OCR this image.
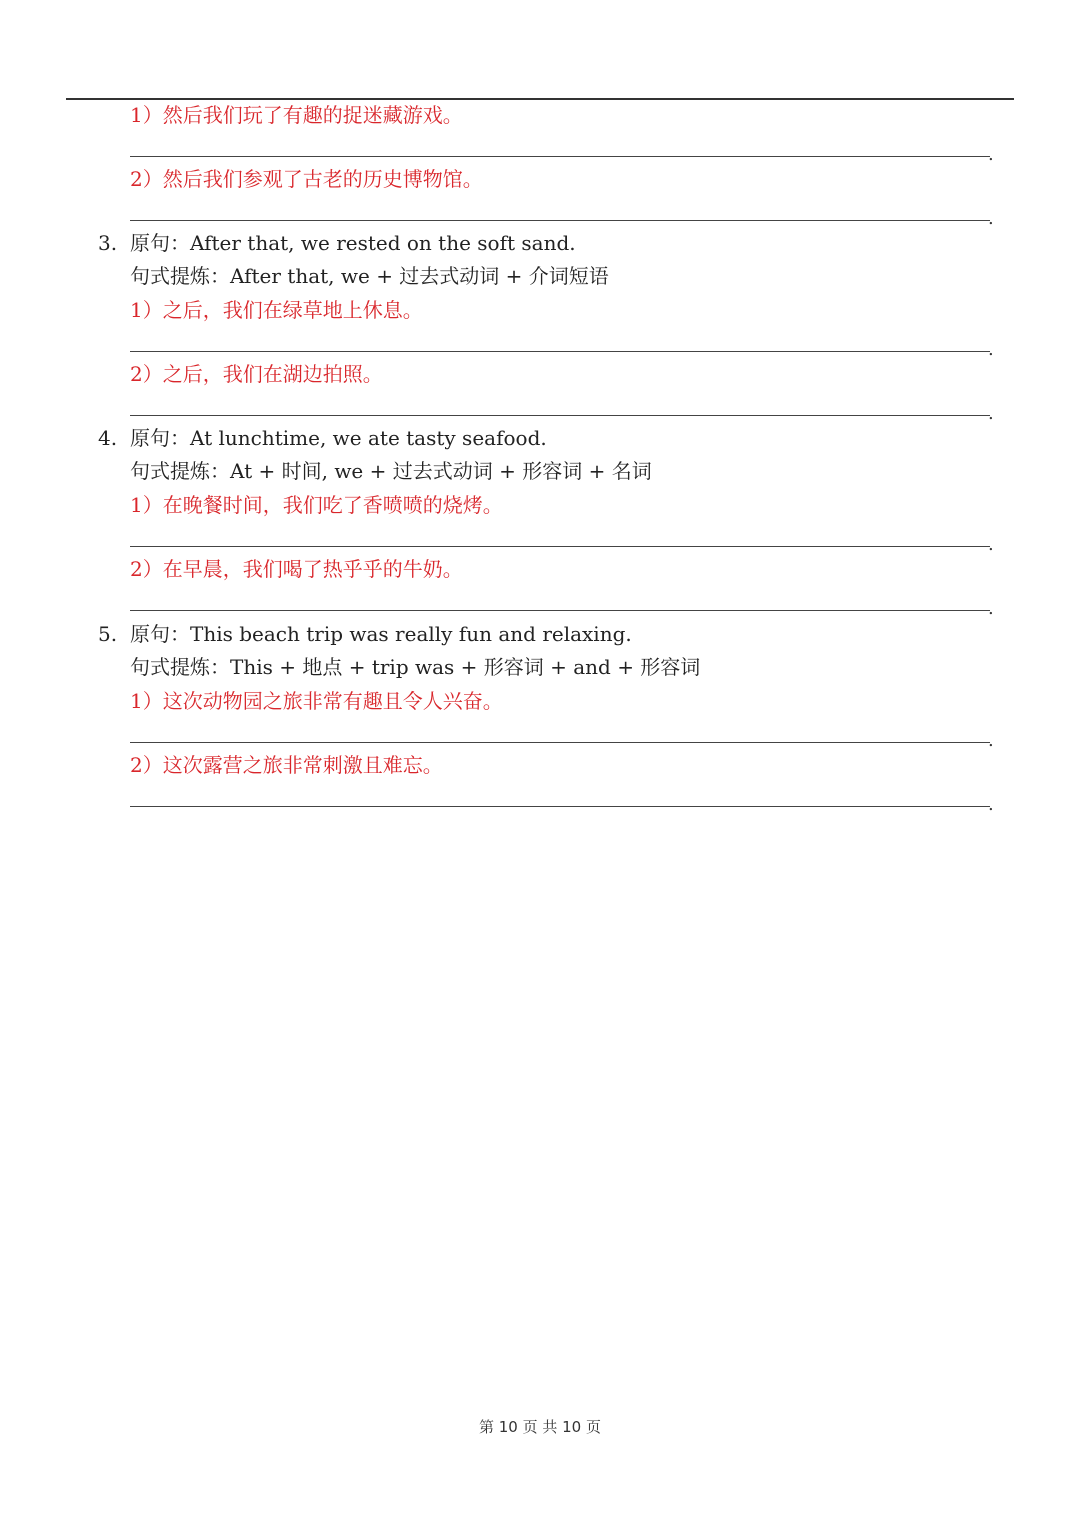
1）然后我们玩了有趣的捉迷藏游戏。
.
2）然后我们参观了古老的历史博物馆。
.
3. 原句：After that, we rested on the soft sand.
句式提炼：After that, we + 过去式动词 + 介词短语
1）之后，我们在绿草地上休息。
.
2）之后，我们在湖边拍照。
.
4. 原句：At lunchtime, we ate tasty seafood.
句式提炼：At + 时间, we + 过去式动词 + 形容词 + 名词
1）在晚餐时间，我们吃了香喷喷的烧烤。
.
2）在早晨，我们喝了热乎乎的牛奶。
.
5. 原句：This beach trip was really fun and relaxing.
句式提炼：This + 地点 + trip was + 形容词 + and + 形容词
1）这次动物园之旅非常有趣且令人兴奋。
.
2）这次露营之旅非常刺激且难忘。
.
第 10 页 共 10 页
